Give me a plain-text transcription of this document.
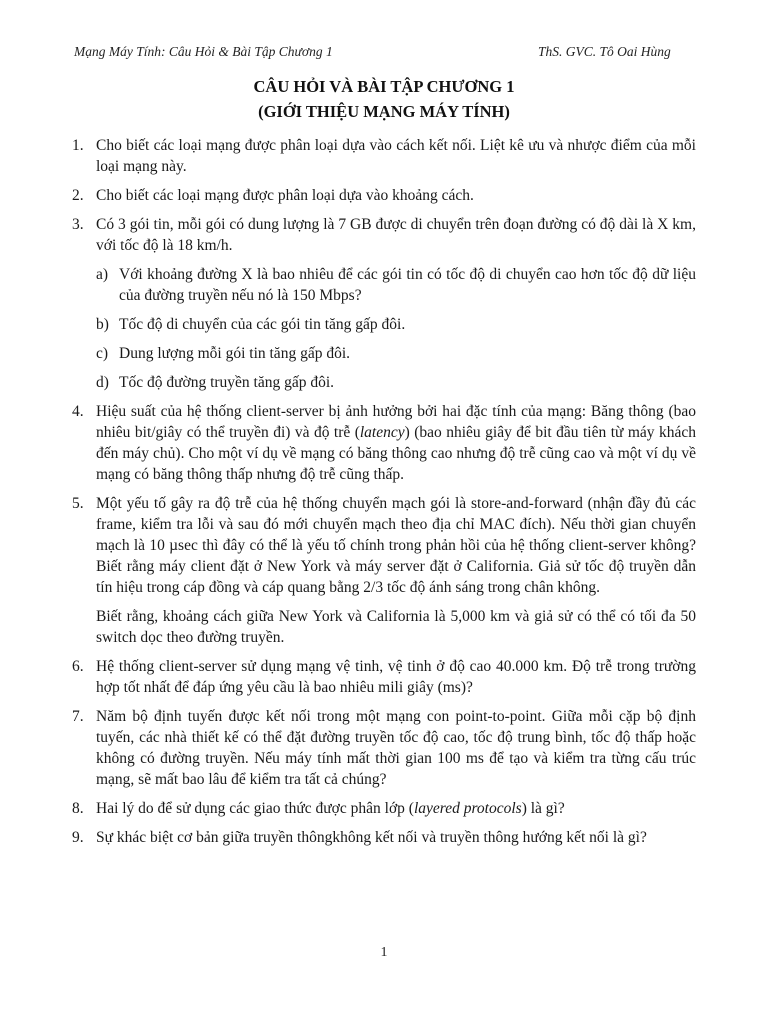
Mạng Máy Tính: Câu Hỏi & Bài Tập Chương 1	ThS. GVC. Tô Oai Hùng
CÂU HỎI VÀ BÀI TẬP CHƯƠNG 1
(GIỚI THIỆU MẠNG MÁY TÍNH)
1. Cho biết các loại mạng được phân loại dựa vào cách kết nối. Liệt kê ưu và nhược điểm của mỗi loại mạng này.
2. Cho biết các loại mạng được phân loại dựa vào khoảng cách.
3. Có 3 gói tin, mỗi gói có dung lượng là 7 GB được di chuyển trên đoạn đường có độ dài là X km, với tốc độ là 18 km/h.
a) Với khoảng đường X là bao nhiêu để các gói tin có tốc độ di chuyển cao hơn tốc độ dữ liệu của đường truyền nếu nó là 150 Mbps?
b) Tốc độ di chuyển của các gói tin tăng gấp đôi.
c) Dung lượng mỗi gói tin tăng gấp đôi.
d) Tốc độ đường truyền tăng gấp đôi.
4. Hiệu suất của hệ thống client-server bị ảnh hưởng bởi hai đặc tính của mạng: Băng thông (bao nhiêu bit/giây có thể truyền đi) và độ trễ (latency) (bao nhiêu giây để bit đầu tiên từ máy khách đến máy chủ). Cho một ví dụ về mạng có băng thông cao nhưng độ trễ cũng cao và một ví dụ về mạng có băng thông thấp nhưng độ trễ cũng thấp.
5. Một yếu tố gây ra độ trễ của hệ thống chuyển mạch gói là store-and-forward (nhận đầy đủ các frame, kiểm tra lỗi và sau đó mới chuyển mạch theo địa chỉ MAC đích). Nếu thời gian chuyển mạch là 10 µsec thì đây có thể là yếu tố chính trong phản hồi của hệ thống client-server không? Biết rằng máy client đặt ở New York và máy server đặt ở California. Giả sử tốc độ truyền dẫn tín hiệu trong cáp đồng và cáp quang bằng 2/3 tốc độ ánh sáng trong chân không.
Biết rằng, khoảng cách giữa New York và California là 5,000 km và giả sử có thể có tối đa 50 switch dọc theo đường truyền.
6. Hệ thống client-server sử dụng mạng vệ tinh, vệ tinh ở độ cao 40.000 km. Độ trễ trong trường hợp tốt nhất để đáp ứng yêu cầu là bao nhiêu mili giây (ms)?
7. Năm bộ định tuyến được kết nối trong một mạng con point-to-point. Giữa mỗi cặp bộ định tuyến, các nhà thiết kế có thể đặt đường truyền tốc độ cao, tốc độ trung bình, tốc độ thấp hoặc không có đường truyền. Nếu máy tính mất thời gian 100 ms để tạo và kiểm tra từng cấu trúc mạng, sẽ mất bao lâu để kiểm tra tất cả chúng?
8. Hai lý do để sử dụng các giao thức được phân lớp (layered protocols) là gì?
9. Sự khác biệt cơ bản giữa truyền thôngkhông kết nối và truyền thông hướng kết nối là gì?
1
